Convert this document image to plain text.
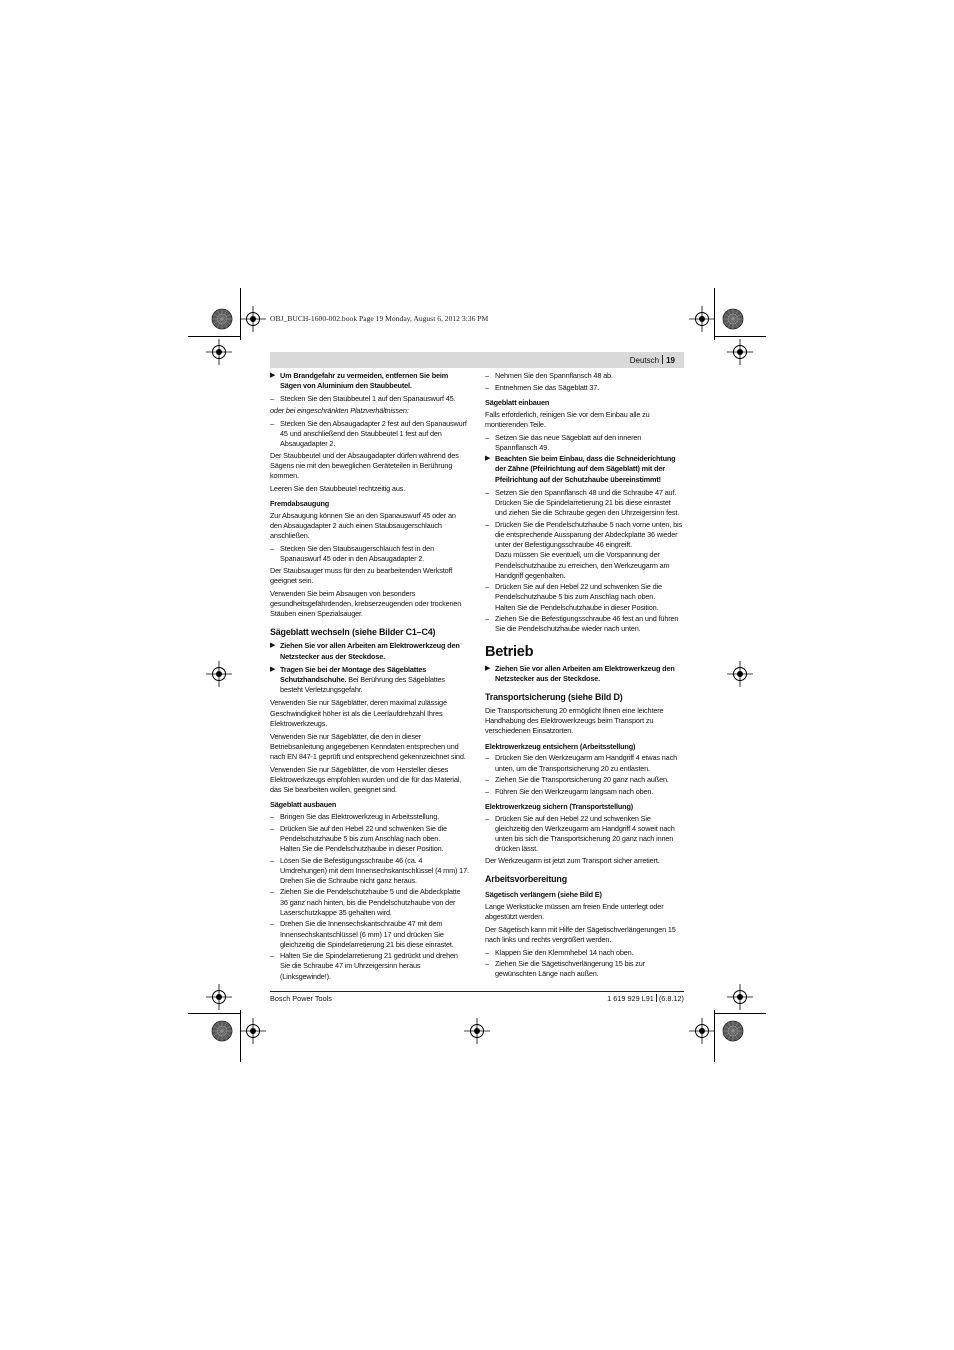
OBJ_BUCH-1600-002.book Page 19 Monday, August 6, 2012 3:36 PM
Deutsch 19
▶ Um Brandgefahr zu vermeiden, entfernen Sie beim Sägen von Aluminium den Staubbeutel.
– Stecken Sie den Staubbeutel 1 auf den Spanauswurf 45.

oder bei eingeschränkten Platzverhältnissen:

– Stecken Sie den Absaugadapter 2 fest auf den Spanauswurf 45 und anschließend den Staubbeutel 1 fest auf den Absaugadapter 2.

Der Staubbeutel und der Absaugadapter dürfen während des Sägens nie mit den beweglichen Geräteteilen in Berührung kommen.

Leeren Sie den Staubbeutel rechtzeitig aus.

Fremdabsaugung

Zur Absaugung können Sie an den Spanauswurf 45 oder an den Absaugadapter 2 auch einen Staubsaugerschlauch anschließen.

– Stecken Sie den Staubsaugerschlauch fest in den Spanauswurf 45 oder in den Absaugadapter 2.

Der Staubsauger muss für den zu bearbeitenden Werkstoff geeignet sein.

Verwenden Sie beim Absaugen von besonders gesundheitsgefährdenden, krebserzeugenden oder trockenen Stäuben einen Spezialsauger.

Sägeblatt wechseln (siehe Bilder C1–C4)

▶ Ziehen Sie vor allen Arbeiten am Elektrowerkzeug den Netzstecker aus der Steckdose.
▶ Tragen Sie bei der Montage des Sägeblattes Schutzhandschuhe. Bei Berührung des Sägeblattes besteht Verletzungsgefahr.

Verwenden Sie nur Sägeblätter, deren maximal zulässige Geschwindigkeit höher ist als die Leerlaufdrehzahl Ihres Elektrowerkzeugs.

Verwenden Sie nur Sägeblätter, die den in dieser Betriebsanleitung angegebenen Kenndaten entsprechen und nach EN 847-1 geprüft und entsprechend gekennzeichnet sind.

Verwenden Sie nur Sägeblätter, die vom Hersteller dieses Elektrowerkzeugs empfohlen wurden und die für das Material, das Sie bearbeiten wollen, geeignet sind.

Sägeblatt ausbauen

– Bringen Sie das Elektrowerkzeug in Arbeitsstellung.
– Drücken Sie auf den Hebel 22 und schwenken Sie die Pendelschutzhaube 5 bis zum Anschlag nach oben.
Halten Sie die Pendelschutzhaube in dieser Position.
– Lösen Sie die Befestigungsschraube 46 (ca. 4 Umdrehungen) mit dem Innensechskantschlüssel (4 mm) 17.
Drehen Sie die Schraube nicht ganz heraus.
– Ziehen Sie die Pendelschutzhaube 5 und die Abdeckplatte 36 ganz nach hinten, bis die Pendelschutzhaube von der Laserschutzkappe 35 gehalten wird.
– Drehen Sie die Innensechskantschraube 47 mit dem Innensechskantschlüssel (6 mm) 17 und drücken Sie gleichzeitig die Spindelarretierung 21 bis diese einrastet.
– Halten Sie die Spindelarretierung 21 gedrückt und drehen Sie die Schraube 47 im Uhrzeigersinn heraus (Linksgewinde!).
– Nehmen Sie den Spannflansch 48 ab.
– Entnehmen Sie das Sägeblatt 37.

Sägeblatt einbauen

Falls erforderlich, reinigen Sie vor dem Einbau alle zu montierenden Teile.

– Setzen Sie das neue Sägeblatt auf den inneren Spannflansch 49.
▶ Beachten Sie beim Einbau, dass die Schneiderichtung der Zähne (Pfeilrichtung auf dem Sägeblatt) mit der Pfeilrichtung auf der Schutzhaube übereinstimmt!
– Setzen Sie den Spannflansch 48 und die Schraube 47 auf. Drücken Sie die Spindelarretierung 21 bis diese einrastet und ziehen Sie die Schraube gegen den Uhrzeigersinn fest.
– Drücken Sie die Pendelschutzhaube 5 nach vorne unten, bis die entsprechende Aussparung der Abdeckplatte 36 wieder unter der Befestigungsschraube 46 eingreift.
Dazu müssen Sie eventuell, um die Vorspannung der Pendelschutzhaube zu erreichen, den Werkzeugarm am Handgriff gegenhalten.
– Drücken Sie auf den Hebel 22 und schwenken Sie die Pendelschutzhaube 5 bis zum Anschlag nach oben.
Halten Sie die Pendelschutzhaube in dieser Position.
– Ziehen Sie die Befestigungsschraube 46 fest an und führen Sie die Pendelschutzhaube wieder nach unten.

Betrieb

▶ Ziehen Sie vor allen Arbeiten am Elektrowerkzeug den Netzstecker aus der Steckdose.

Transportsicherung (siehe Bild D)

Die Transportsicherung 20 ermöglicht Ihnen eine leichtere Handhabung des Elektrowerkzeugs beim Transport zu verschiedenen Einsatzorten.

Elektrowerkzeug entsichern (Arbeitsstellung)

– Drücken Sie den Werkzeugarm am Handgriff 4 etwas nach unten, um die Transportsicherung 20 zu entlasten.
– Ziehen Sie die Transportsicherung 20 ganz nach außen.
– Führen Sie den Werkzeugarm langsam nach oben.

Elektrowerkzeug sichern (Transportstellung)

– Drücken Sie auf den Hebel 22 und schwenken Sie gleichzeitig den Werkzeugarm am Handgriff 4 soweit nach unten bis sich die Transportsicherung 20 ganz nach innen drücken lässt.

Der Werkzeugarm ist jetzt zum Transport sicher arretiert.

Arbeitsvorbereitung

Sägetisch verlängern (siehe Bild E)

Lange Werkstücke müssen am freien Ende unterlegt oder abgestützt werden.

Der Sägetisch kann mit Hilfe der Sägetischverlängerungen 15 nach links und rechts vergrößert werden.

– Klappen Sie den Klemmhebel 14 nach oben.
– Ziehen Sie die Sägetischverlängerung 15 bis zur gewünschten Länge nach außen.
Bosch Power Tools	1 619 929 L91 (6.8.12)
